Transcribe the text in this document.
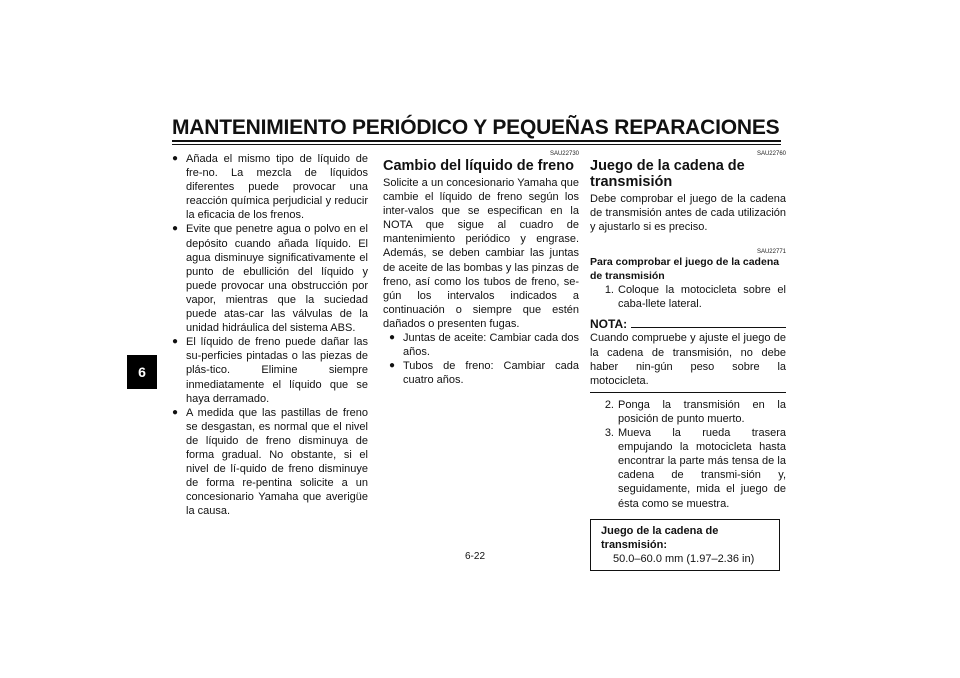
MANTENIMIENTO PERIÓDICO Y PEQUEÑAS REPARACIONES
6
● Añada el mismo tipo de líquido de fre-no. La mezcla de líquidos diferentes puede provocar una reacción química perjudicial y reducir la eficacia de los frenos.
● Evite que penetre agua o polvo en el depósito cuando añada líquido. El agua disminuye significativamente el punto de ebullición del líquido y puede provocar una obstrucción por vapor, mientras que la suciedad puede atas-car las válvulas de la unidad hidráulica del sistema ABS.
● El líquido de freno puede dañar las su-perficies pintadas o las piezas de plás-tico. Elimine siempre inmediatamente el líquido que se haya derramado.
● A medida que las pastillas de freno se desgastan, es normal que el nivel de líquido de freno disminuya de forma gradual. No obstante, si el nivel de lí-quido de freno disminuye de forma re-pentina solicite a un concesionario Yamaha que averigüe la causa.
SAU22730
Cambio del líquido de freno
Solicite a un concesionario Yamaha que cambie el líquido de freno según los inter-valos que se especifican en la NOTA que sigue al cuadro de mantenimiento periódico y engrase. Además, se deben cambiar las juntas de aceite de las bombas y las pinzas de freno, así como los tubos de freno, se-gún los intervalos indicados a continuación o siempre que estén dañados o presenten fugas.
● Juntas de aceite: Cambiar cada dos años.
● Tubos de freno: Cambiar cada cuatro años.
SAU22760
Juego de la cadena de transmisión
Debe comprobar el juego de la cadena de transmisión antes de cada utilización y ajustarlo si es preciso.
SAU22771
Para comprobar el juego de la cadena de transmisión
1. Coloque la motocicleta sobre el caba-llete lateral.
NOTA:
Cuando compruebe y ajuste el juego de la cadena de transmisión, no debe haber nin-gún peso sobre la motocicleta.
2. Ponga la transmisión en la posición de punto muerto.
3. Mueva la rueda trasera empujando la motocicleta hasta encontrar la parte más tensa de la cadena de transmi-sión y, seguidamente, mida el juego de ésta como se muestra.
Juego de la cadena de transmisión:
50.0–60.0 mm (1.97–2.36 in)
6-22
